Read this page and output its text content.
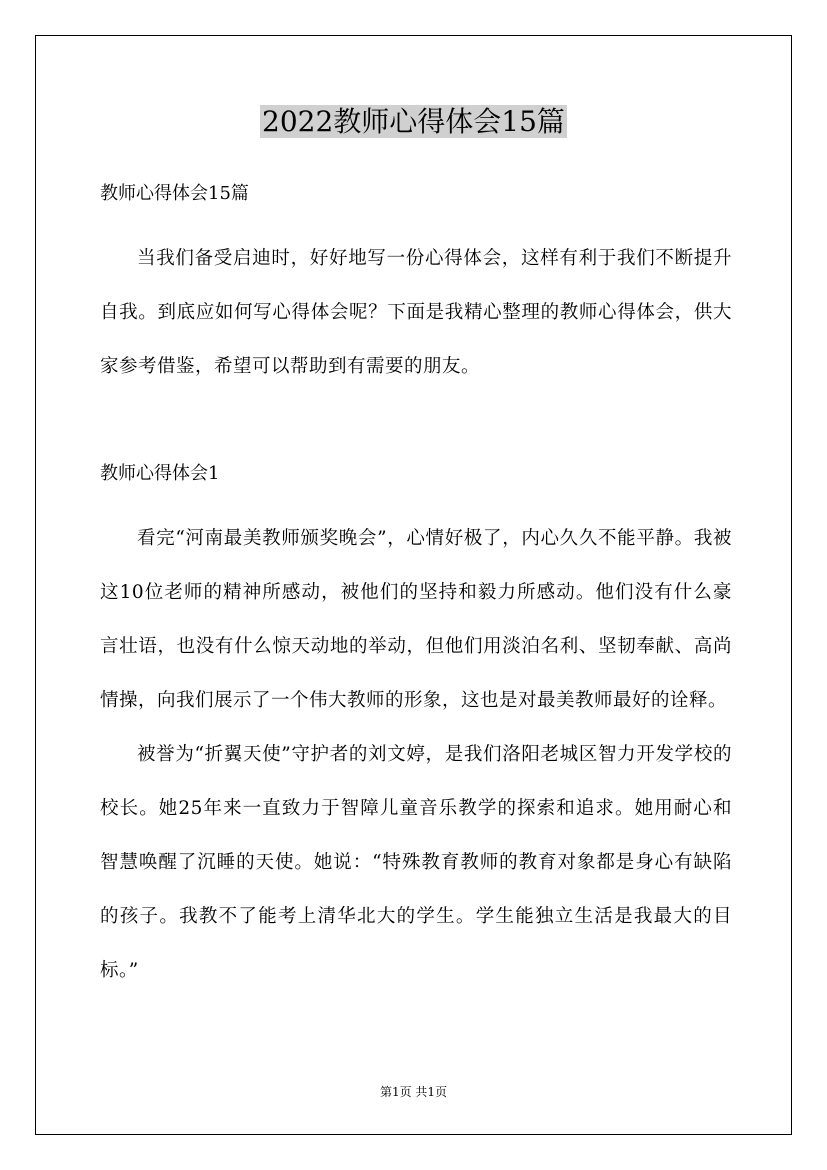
2022教师心得体会15篇

教师心得体会15篇

当我们备受启迪时，好好地写一份心得体会，这样有利于我们不断提升自我。到底应如何写心得体会呢？下面是我精心整理的教师心得体会，供大家参考借鉴，希望可以帮助到有需要的朋友。

教师心得体会1

看完“河南最美教师颁奖晚会”，心情好极了，内心久久不能平静。我被这10位老师的精神所感动，被他们的坚持和毅力所感动。他们没有什么豪言壮语，也没有什么惊天动地的举动，但他们用淡泊名利、坚韧奉献、高尚情操，向我们展示了一个伟大教师的形象，这也是对最美教师最好的诠释。

被誉为“折翼天使”守护者的刘文婷，是我们洛阳老城区智力开发学校的校长。她25年来一直致力于智障儿童音乐教学的探索和追求。她用耐心和智慧唤醒了沉睡的天使。她说：“特殊教育教师的教育对象都是身心有缺陷的孩子。我教不了能考上清华北大的学生。学生能独立生活是我最大的目标。”

第1页 共1页
